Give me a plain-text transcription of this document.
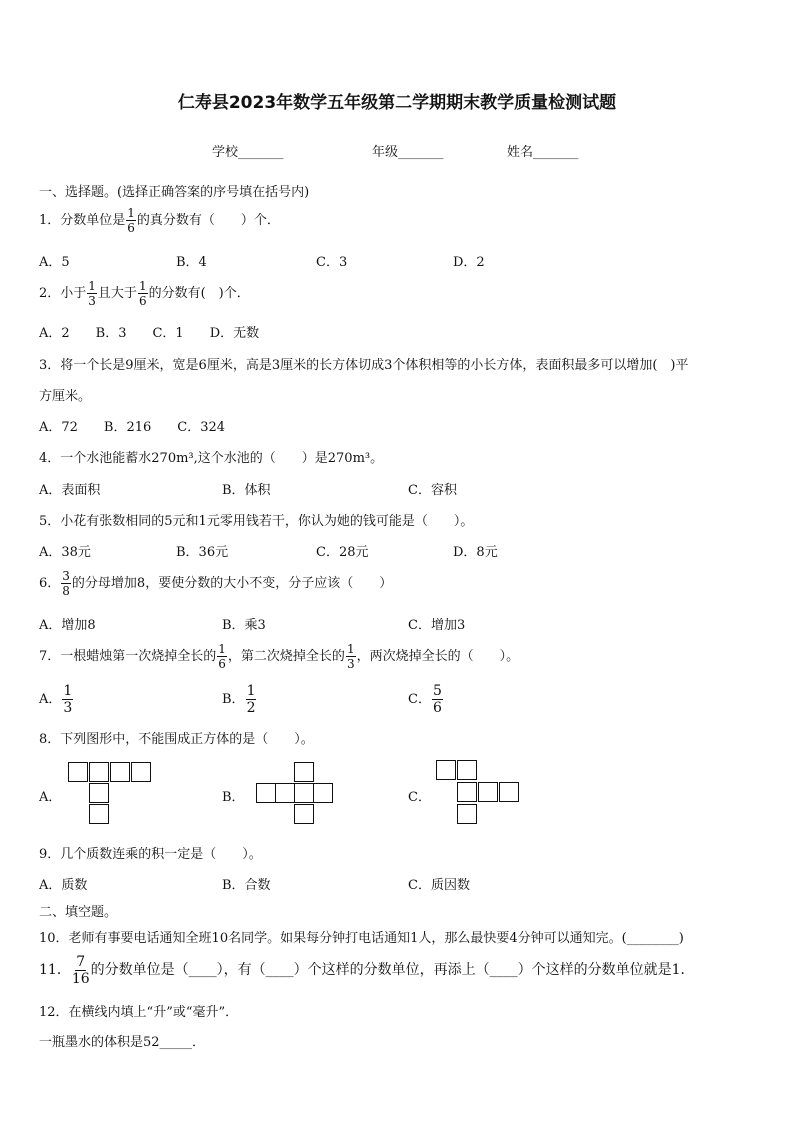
仁寿县2023年数学五年级第二学期期末教学质量检测试题
学校_______	年级_______	姓名_______
一、选择题。(选择正确答案的序号填在括号内)
1．分数单位是 $\frac{1}{6}$ 的真分数有（　　）个．
A．5	B．4	C．3	D．2
2．小于 $\frac{1}{3}$ 且大于 $\frac{1}{6}$ 的分数有(　)个．
A．2　　B．3　　C．1　　D．无数
3．将一个长是9厘米，宽是6厘米，高是3厘米的长方体切成3个体积相等的小长方体，表面积最多可以增加(　)平
方厘米。
A．72　　B．216　　C．324
4．一个水池能蓄水270m³,这个水池的（　　）是270m³。
A．表面积	B．体积	C．容积
5．小花有张数相同的5元和1元零用钱若干，你认为她的钱可能是（　　）。
A．38元	B．36元	C．28元	D．8元
6． $\frac{3}{8}$ 的分母增加8，要使分数的大小不变，分子应该（　　）
A．增加8	B．乘3	C．增加3
7．一根蜡烛第一次烧掉全长的 $\frac{1}{6}$ ，第二次烧掉全长的 $\frac{1}{3}$ ，两次烧掉全长的（　　）。
A． $\frac{1}{3}$	B． $\frac{1}{2}$	C． $\frac{5}{6}$
8．下列图形中，不能围成正方体的是（　　）。
A．	B．	C．
9．几个质数连乘的积一定是（　　）。
A．质数	B．合数	C．质因数
二、填空题。
10．老师有事要电话通知全班10名同学。如果每分钟打电话通知1人，那么最快要4分钟可以通知完。(________)
11． $\frac{7}{16}$ 的分数单位是（____），有（____）个这样的分数单位，再添上（____）个这样的分数单位就是1．
12．在横线内填上“升”或“毫升”．
一瓶墨水的体积是52_____．
